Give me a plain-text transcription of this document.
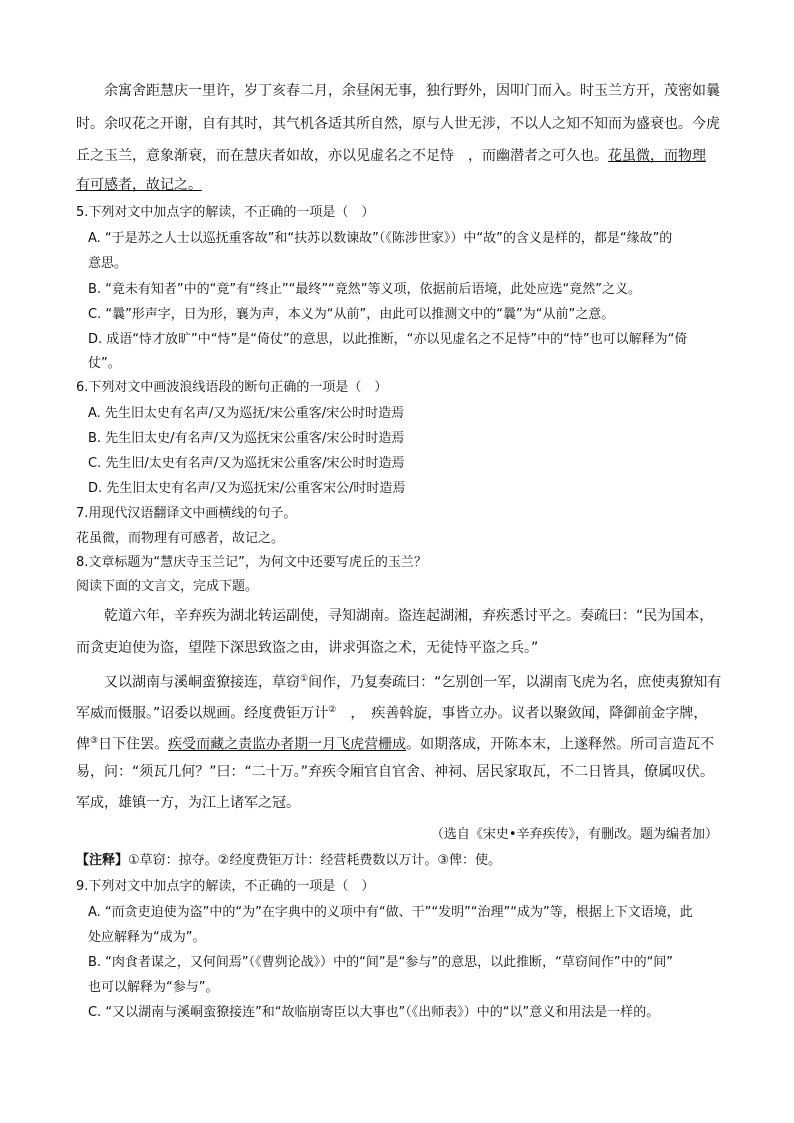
余寓舍距慧庆一里许，岁丁亥春二月，余昼闲无事，独行野外，因叩门而入。时玉兰方开，茂密如曩
时。余叹花之开谢，自有其时，其气机各适其所自然，原与人世无涉，不以人之知不知而为盛衰也。今虎
丘之玉兰，意象渐衰，而在慧庆者如故，亦以见虚名之不足恃　，而幽潜者之可久也。花虽微，而物理
有可感者，故记之。
5.下列对文中加点字的解读，不正确的一项是（　）
A. “于是苏之人士以巡抚重客故”和“扶苏以数谏故”（《陈涉世家》）中“故”的含义是样的，都是“缘故”的
意思。
B. “竟未有知者”中的“竟”有“终止”“最终”“竟然”等义项，依据前后语境，此处应选“竟然”之义。
C. “曩”形声字，日为形，襄为声，本义为“从前”，由此可以推测文中的“曩”为“从前”之意。
D. 成语“恃才放旷”中“恃”是“倚仗”的意思，以此推断，“亦以见虚名之不足恃”中的“恃”也可以解释为“倚
仗”。
6.下列对文中画波浪线语段的断句正确的一项是（　）
A. 先生旧太史有名声/又为巡抚/宋公重客/宋公时时造焉
B. 先生旧太史/有名声/又为巡抚宋公重客/宋公时时造焉
C. 先生旧/太史有名声/又为巡抚宋公重客/宋公时时造焉
D. 先生旧太史有名声/又为巡抚宋/公重客宋公/时时造焉
7.用现代汉语翻译文中画横线的句子。
花虽微，而物理有可感者，故记之。
8.文章标题为“慧庆寺玉兰记”，为何文中还要写虎丘的玉兰？
阅读下面的文言文，完成下题。
乾道六年，辛弃疾为湖北转运副使，寻知湖南。盗连起湖湘，弃疾悉讨平之。奏疏曰：“民为国本，
而贪吏迫使为盗，望陛下深思致盗之由，讲求弭盗之术，无徒恃平盗之兵。”
又以湖南与溪峒蛮獠接连，草窃①间作，乃复奏疏曰：“乞别创一军，以湖南飞虎为名，庶使夷獠知有
军威而慑服。”诏委以规画。经度费钜万计②　，　疾善斡旋，事皆立办。议者以聚敛闻，降御前金字牌，
俾③日下住罢。疾受而藏之责监办者期一月飞虎营栅成。如期落成，开陈本末，上遂释然。所司言造瓦不
易，问：“须瓦几何？”曰：“二十万。”弃疾令厢官自官舍、神祠、居民家取瓦，不二日皆具，僚属叹伏。
军成，雄镇一方，为江上诸军之冠。
（选自《宋史•辛弃疾传》，有删改。题为编者加）
【注释】①草窃：掠夺。②经度费钜万计：经营耗费数以万计。③俾：使。
9.下列对文中加点字的解读，不正确的一项是（　）
A. “而贪吏迫使为盗”中的“为”在字典中的义项中有“做、干”“发明”“治理”“成为”等，根据上下文语境，此
处应解释为“成为”。
B. “肉食者谋之，又何间焉”（《曹刿论战》）中的“间”是“参与”的意思，以此推断，“草窃间作”中的“间”
也可以解释为“参与”。
C. “又以湖南与溪峒蛮獠接连”和“故临崩寄臣以大事也”（《出师表》）中的“以”意义和用法是一样的。
